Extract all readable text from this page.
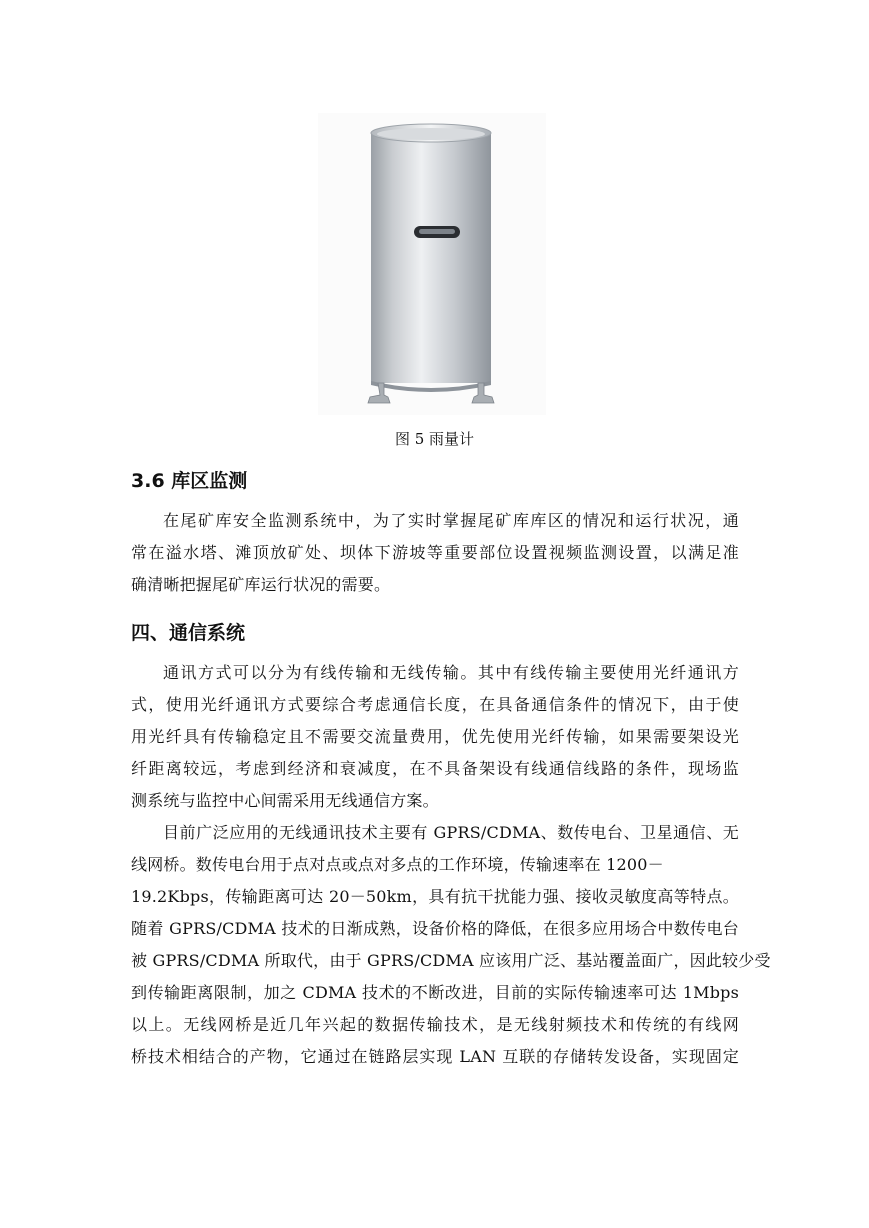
图 5 雨量计
3.6 库区监测
在尾矿库安全监测系统中，为了实时掌握尾矿库库区的情况和运行状况，通
常在溢水塔、滩顶放矿处、坝体下游坡等重要部位设置视频监测设置，以满足准
确清晰把握尾矿库运行状况的需要。
四、通信系统
通讯方式可以分为有线传输和无线传输。其中有线传输主要使用光纤通讯方
式，使用光纤通讯方式要综合考虑通信长度，在具备通信条件的情况下，由于使
用光纤具有传输稳定且不需要交流量费用，优先使用光纤传输，如果需要架设光
纤距离较远，考虑到经济和衰减度，在不具备架设有线通信线路的条件，现场监
测系统与监控中心间需采用无线通信方案。
目前广泛应用的无线通讯技术主要有 GPRS/CDMA、数传电台、卫星通信、无
线网桥。数传电台用于点对点或点对多点的工作环境，传输速率在 1200－
19.2Kbps，传输距离可达 20－50km，具有抗干扰能力强、接收灵敏度高等特点。
随着 GPRS/CDMA 技术的日渐成熟，设备价格的降低，在很多应用场合中数传电台
被 GPRS/CDMA 所取代，由于 GPRS/CDMA 应该用广泛、基站覆盖面广，因此较少受
到传输距离限制，加之 CDMA 技术的不断改进，目前的实际传输速率可达 1Mbps
以上。无线网桥是近几年兴起的数据传输技术，是无线射频技术和传统的有线网
桥技术相结合的产物，它通过在链路层实现 LAN 互联的存储转发设备，实现固定
